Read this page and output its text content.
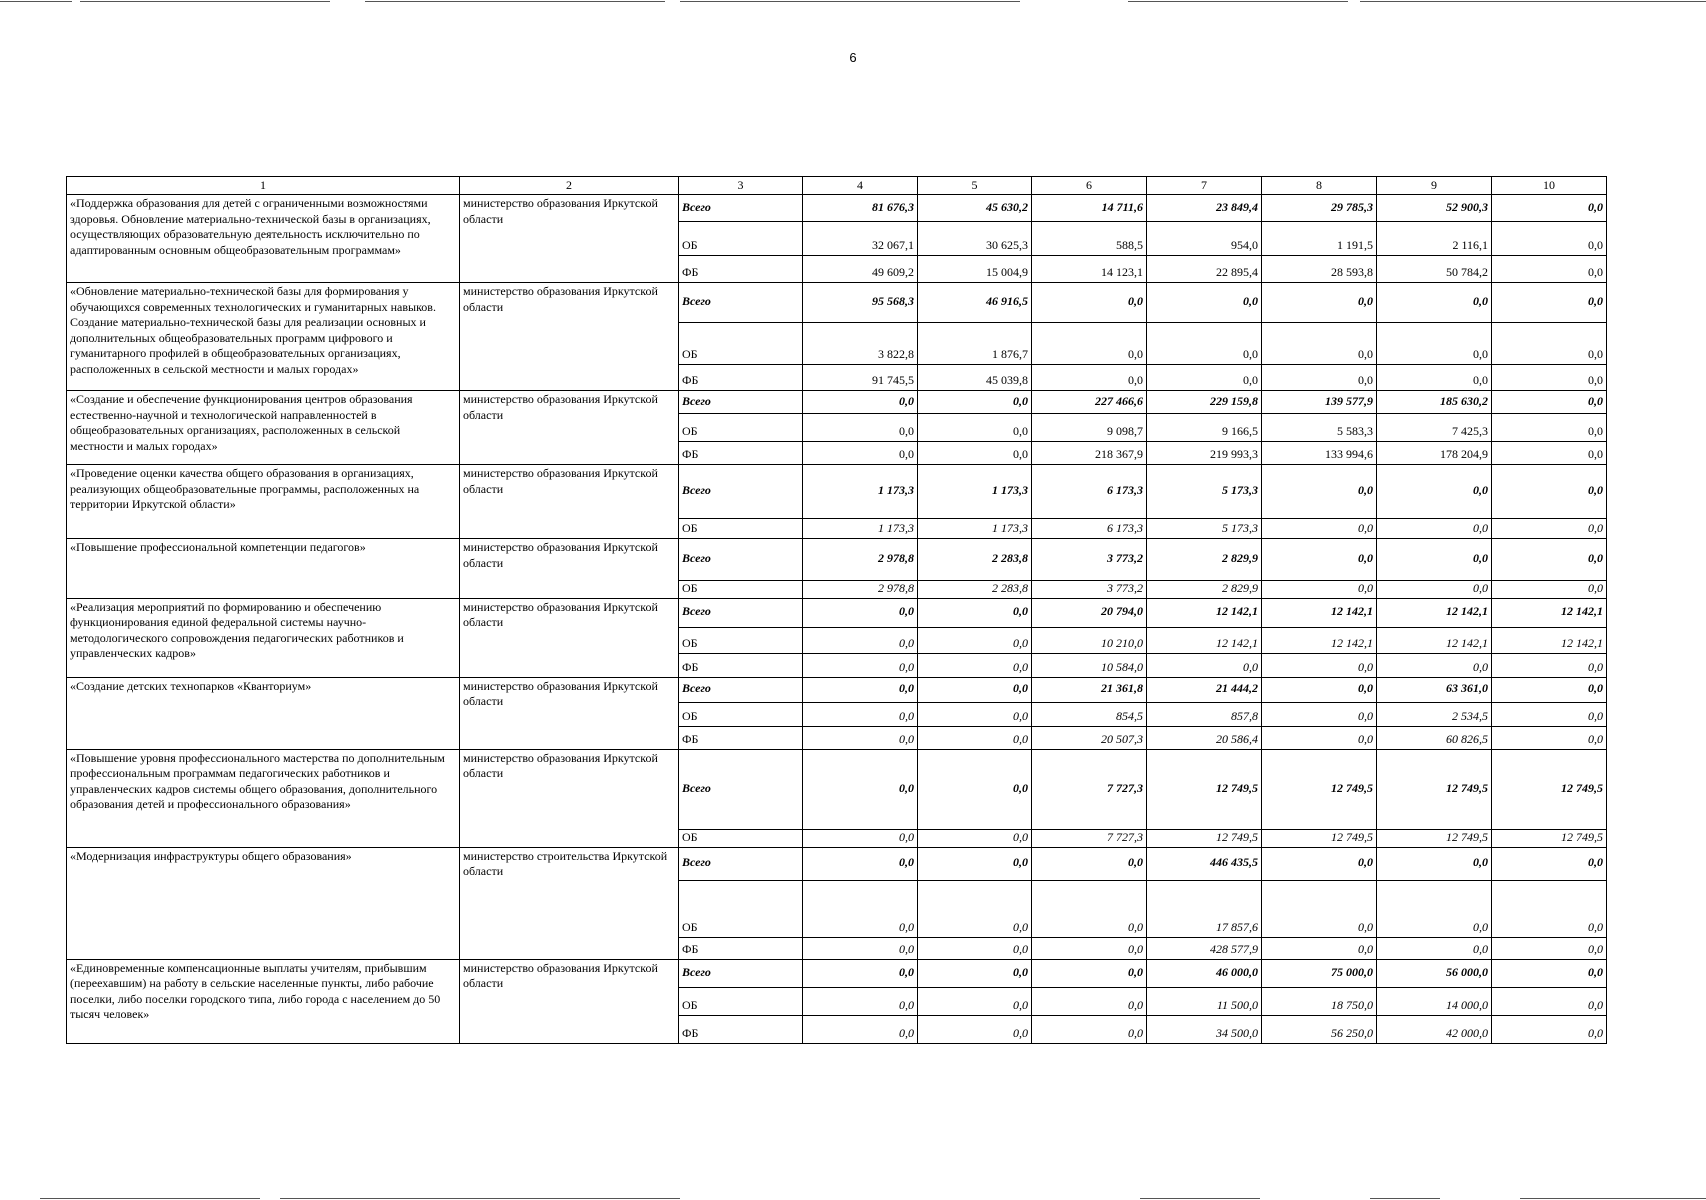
6
1	2	3	4	5	6	7	8	9	10
«Поддержка образования для детей с ограниченными возможностями здоровья. Обновление материально-технической базы в организациях, осуществляющих образовательную деятельность исключительно по адаптированным основным общеобразовательным программам»	министерство образования Иркутской области	Всего	81 676,3	45 630,2	14 711,6	23 849,4	29 785,3	52 900,3	0,0
		ОБ	32 067,1	30 625,3	588,5	954,0	1 191,5	2 116,1	0,0
		ФБ	49 609,2	15 004,9	14 123,1	22 895,4	28 593,8	50 784,2	0,0
«Обновление материально-технической базы для формирования у обучающихся современных технологических и гуманитарных навыков. Создание материально-технической базы для реализации основных и дополнительных общеобразовательных программ цифрового и гуманитарного профилей в общеобразовательных организациях, расположенных в сельской местности и малых городах»	министерство образования Иркутской области	Всего	95 568,3	46 916,5	0,0	0,0	0,0	0,0	0,0
		ОБ	3 822,8	1 876,7	0,0	0,0	0,0	0,0	0,0
		ФБ	91 745,5	45 039,8	0,0	0,0	0,0	0,0	0,0
«Создание и обеспечение функционирования центров образования естественно-научной и технологической направленностей в общеобразовательных организациях, расположенных в сельской местности и малых городах»	министерство образования Иркутской области	Всего	0,0	0,0	227 466,6	229 159,8	139 577,9	185 630,2	0,0
		ОБ	0,0	0,0	9 098,7	9 166,5	5 583,3	7 425,3	0,0
		ФБ	0,0	0,0	218 367,9	219 993,3	133 994,6	178 204,9	0,0
«Проведение оценки качества общего образования в организациях, реализующих общеобразовательные программы, расположенных на территории Иркутской области»	министерство образования Иркутской области	Всего	1 173,3	1 173,3	6 173,3	5 173,3	0,0	0,0	0,0
		ОБ	1 173,3	1 173,3	6 173,3	5 173,3	0,0	0,0	0,0
«Повышение профессиональной компетенции педагогов»	министерство образования Иркутской области	Всего	2 978,8	2 283,8	3 773,2	2 829,9	0,0	0,0	0,0
		ОБ	2 978,8	2 283,8	3 773,2	2 829,9	0,0	0,0	0,0
«Реализация мероприятий по формированию и обеспечению функционирования единой федеральной системы научно-методологического сопровождения педагогических работников и управленческих кадров»	министерство образования Иркутской области	Всего	0,0	0,0	20 794,0	12 142,1	12 142,1	12 142,1	12 142,1
		ОБ	0,0	0,0	10 210,0	12 142,1	12 142,1	12 142,1	12 142,1
		ФБ	0,0	0,0	10 584,0	0,0	0,0	0,0	0,0
«Создание детских технопарков «Кванториум»	министерство образования Иркутской области	Всего	0,0	0,0	21 361,8	21 444,2	0,0	63 361,0	0,0
		ОБ	0,0	0,0	854,5	857,8	0,0	2 534,5	0,0
		ФБ	0,0	0,0	20 507,3	20 586,4	0,0	60 826,5	0,0
«Повышение уровня профессионального мастерства по дополнительным профессиональным программам педагогических работников и управленческих кадров системы общего образования, дополнительного образования детей и профессионального образования»	министерство образования Иркутской области	Всего	0,0	0,0	7 727,3	12 749,5	12 749,5	12 749,5	12 749,5
		ОБ	0,0	0,0	7 727,3	12 749,5	12 749,5	12 749,5	12 749,5
«Модернизация инфраструктуры общего образования»	министерство строительства Иркутской области	Всего	0,0	0,0	0,0	446 435,5	0,0	0,0	0,0
		ОБ	0,0	0,0	0,0	17 857,6	0,0	0,0	0,0
		ФБ	0,0	0,0	0,0	428 577,9	0,0	0,0	0,0
«Единовременные компенсационные выплаты учителям, прибывшим (переехавшим) на работу в сельские населенные пункты, либо рабочие поселки, либо поселки городского типа, либо города с населением до 50 тысяч человек»	министерство образования Иркутской области	Всего	0,0	0,0	0,0	46 000,0	75 000,0	56 000,0	0,0
		ОБ	0,0	0,0	0,0	11 500,0	18 750,0	14 000,0	0,0
		ФБ	0,0	0,0	0,0	34 500,0	56 250,0	42 000,0	0,0
